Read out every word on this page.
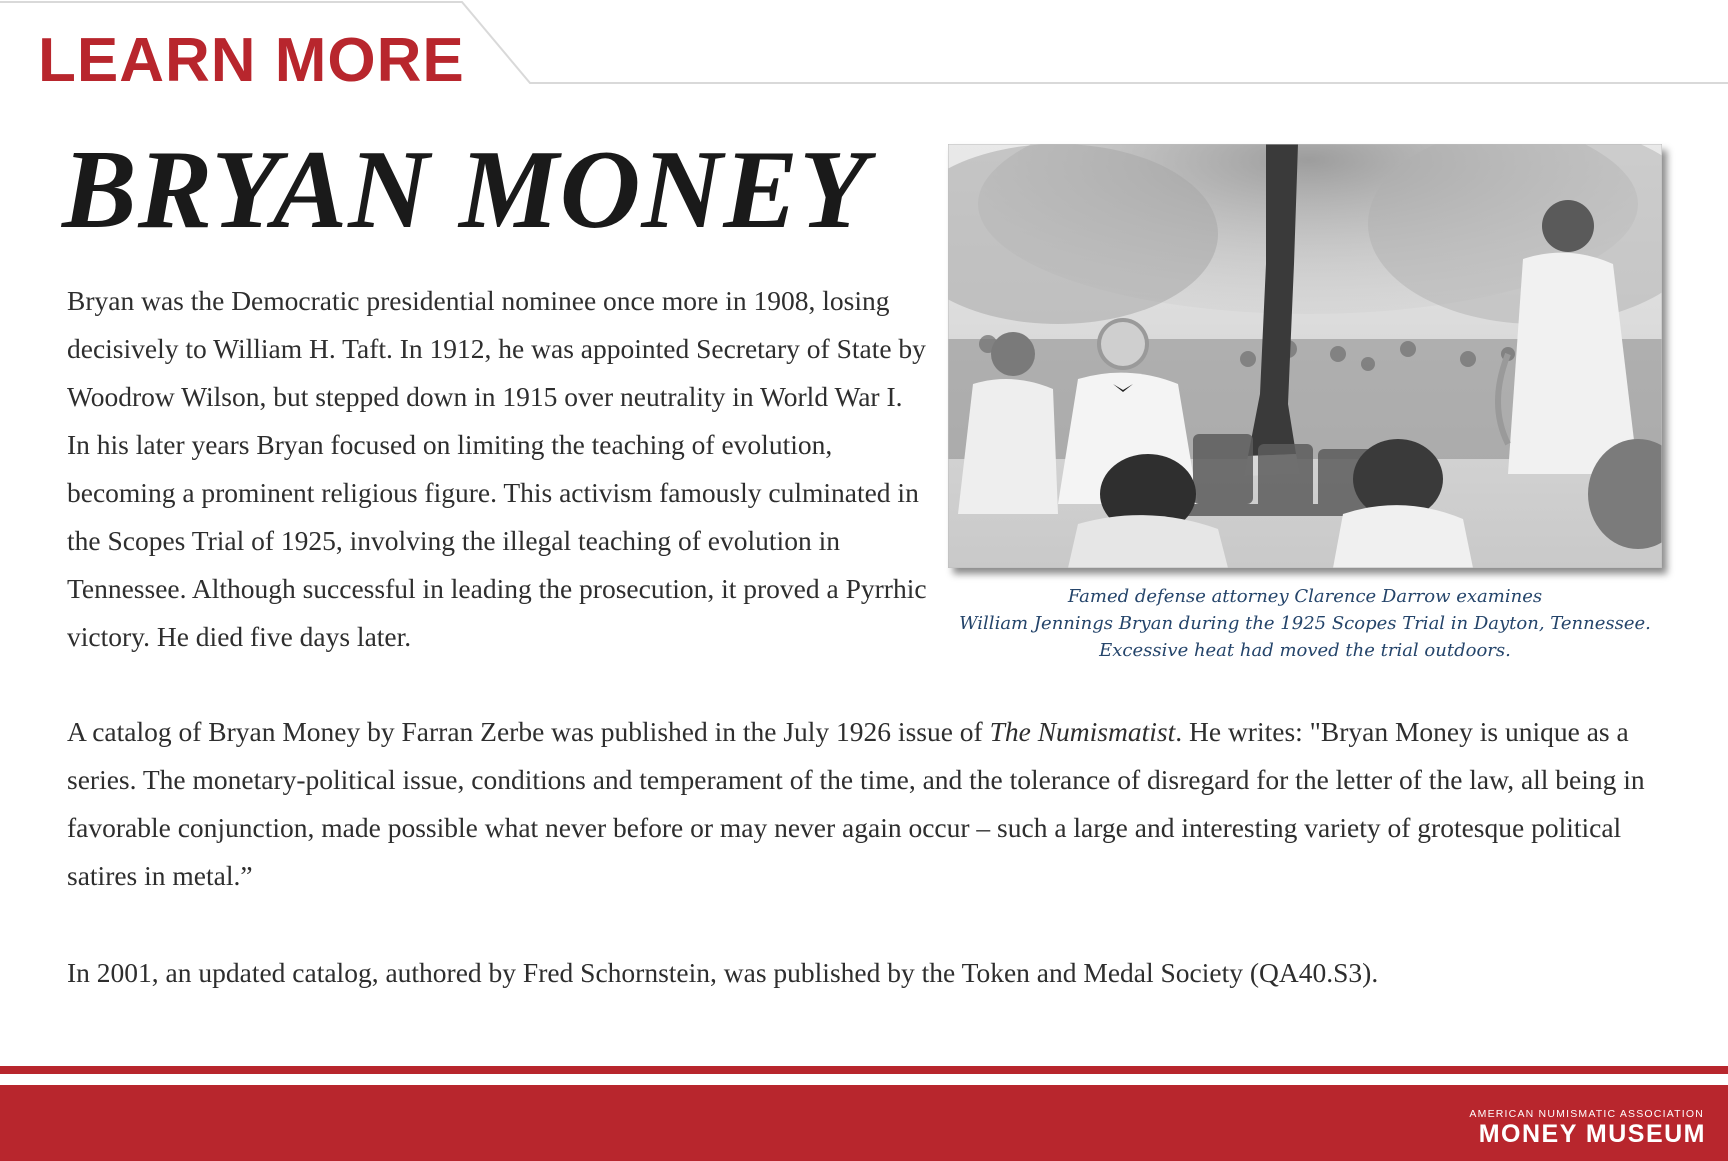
LEARN MORE
BRYAN MONEY

Bryan was the Democratic presidential nominee once more in 1908, losing decisively to William H. Taft. In 1912, he was appointed Secretary of State by Woodrow Wilson, but stepped down in 1915 over neutrality in World War I. In his later years Bryan focused on limiting the teaching of evolution, becoming a prominent religious figure. This activism famously culminated in the Scopes Trial of 1925, involving the illegal teaching of evolution in Tennessee. Although successful in leading the prosecution, it proved a Pyrrhic victory. He died five days later.

Famed defense attorney Clarence Darrow examines
William Jennings Bryan during the 1925 Scopes Trial in Dayton, Tennessee.
Excessive heat had moved the trial outdoors.

A catalog of Bryan Money by Farran Zerbe was published in the July 1926 issue of The Numismatist. He writes: "Bryan Money is unique as a series. The monetary-political issue, conditions and temperament of the time, and the tolerance of disregard for the letter of the law, all being in favorable conjunction, made possible what never before or may never again occur – such a large and interesting variety of grotesque political satires in metal.”

In 2001, an updated catalog, authored by Fred Schornstein, was published by the Token and Medal Society (QA40.S3).

AMERICAN NUMISMATIC ASSOCIATION
MONEY MUSEUM
